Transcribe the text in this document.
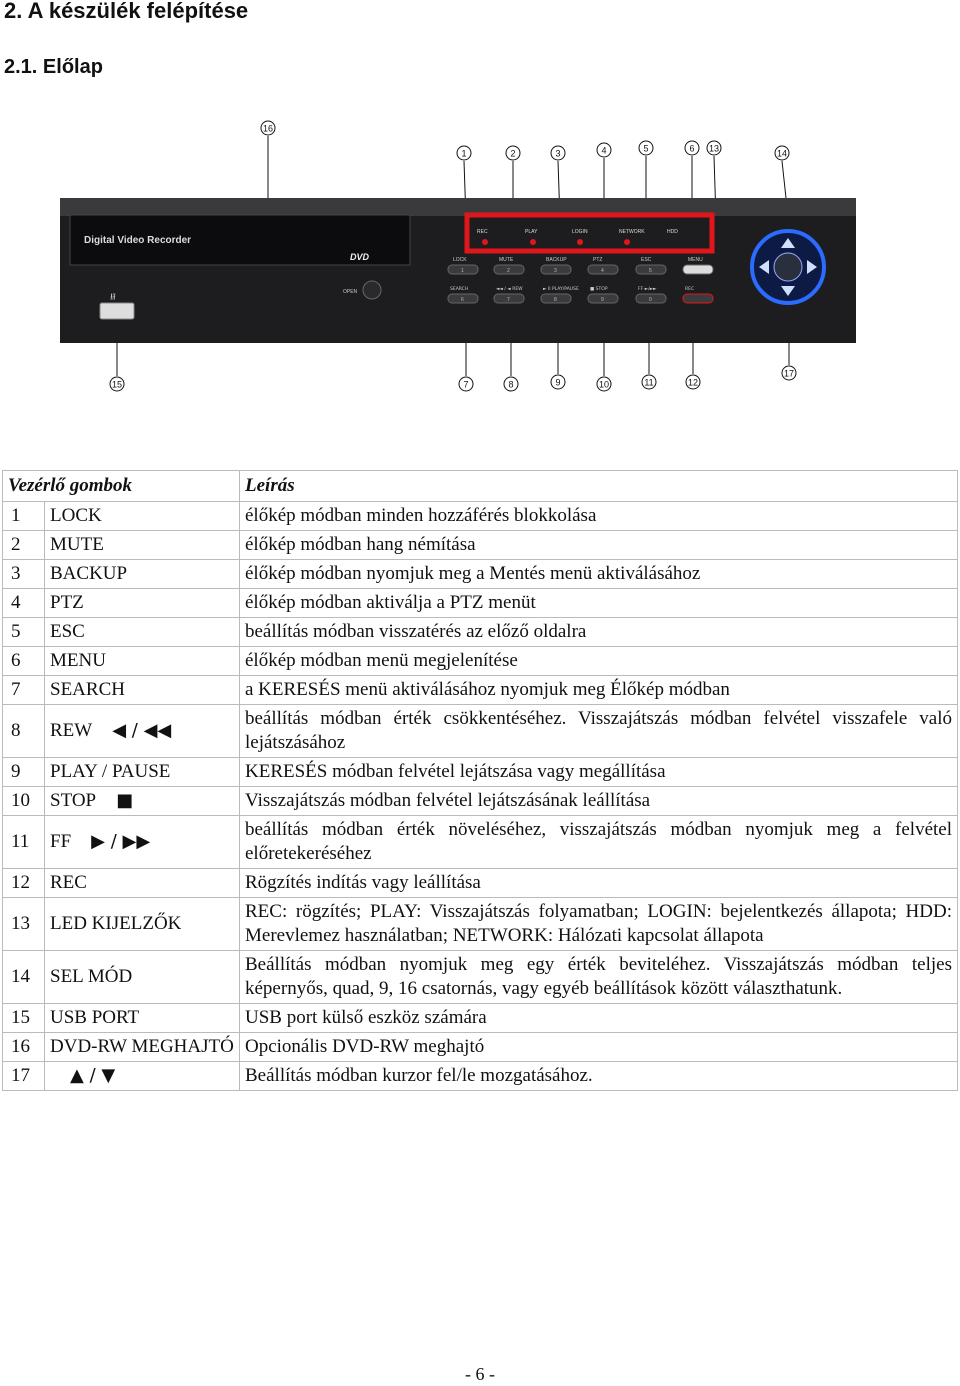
2. A készülék felépítése
2.1. Előlap
16
1	2	3	4	5	6 13	14
15	7	8	9	10	11	12
17
Digital Video Recorder
DVD
OPEN
⭿
REC	PLAY	LOGIN	NETWORK	HDD
LOCK
1
MUTE
2
BACKUP
3
PTZ
4
ESC
5
MENU
SEARCH
6
◄◄ / ◄ REW
7
► II PLAY/PAUSE
8
■ STOP
9
FF ►/►►
0
REC
Vezérlő gombok		Leírás
1	LOCK	élőkép módban minden hozzáférés blokkolása
2	MUTE	élőkép módban hang némítása
3	BACKUP	élőkép módban nyomjuk meg a Mentés menü aktiválásához
4	PTZ	élőkép módban aktiválja a PTZ menüt
5	ESC	beállítás módban visszatérés az előző oldalra
6	MENU	élőkép módban menü megjelenítése
7	SEARCH	a KERESÉS menü aktiválásához nyomjuk meg Élőkép módban
8	REW ◀ / ◀◀	beállítás módban érték csökkentéséhez. Visszajátszás módban felvétel visszafele való lejátszásához
9	PLAY / PAUSE	KERESÉS módban felvétel lejátszása vagy megállítása
10	STOP ■	Visszajátszás módban felvétel lejátszásának leállítása
11	FF ▶ / ▶▶	beállítás módban érték növeléséhez, visszajátszás módban nyomjuk meg a felvétel előretekeréséhez
12	REC	Rögzítés indítás vagy leállítása
13	LED KIJELZŐK	REC: rögzítés; PLAY: Visszajátszás folyamatban; LOGIN: bejelentkezés állapota; HDD: Merevlemez használatban; NETWORK: Hálózati kapcsolat állapota
14	SEL MÓD	Beállítás módban nyomjuk meg egy érték beviteléhez. Visszajátszás módban teljes képernyős, quad, 9, 16 csatornás, vagy egyéb beállítások között választhatunk.
15	USB PORT	USB port külső eszköz számára
16	DVD-RW MEGHAJTÓ	Opcionális DVD-RW meghajtó
17	▲ / ▼	Beállítás módban kurzor fel/le mozgatásához.
- 6 -
